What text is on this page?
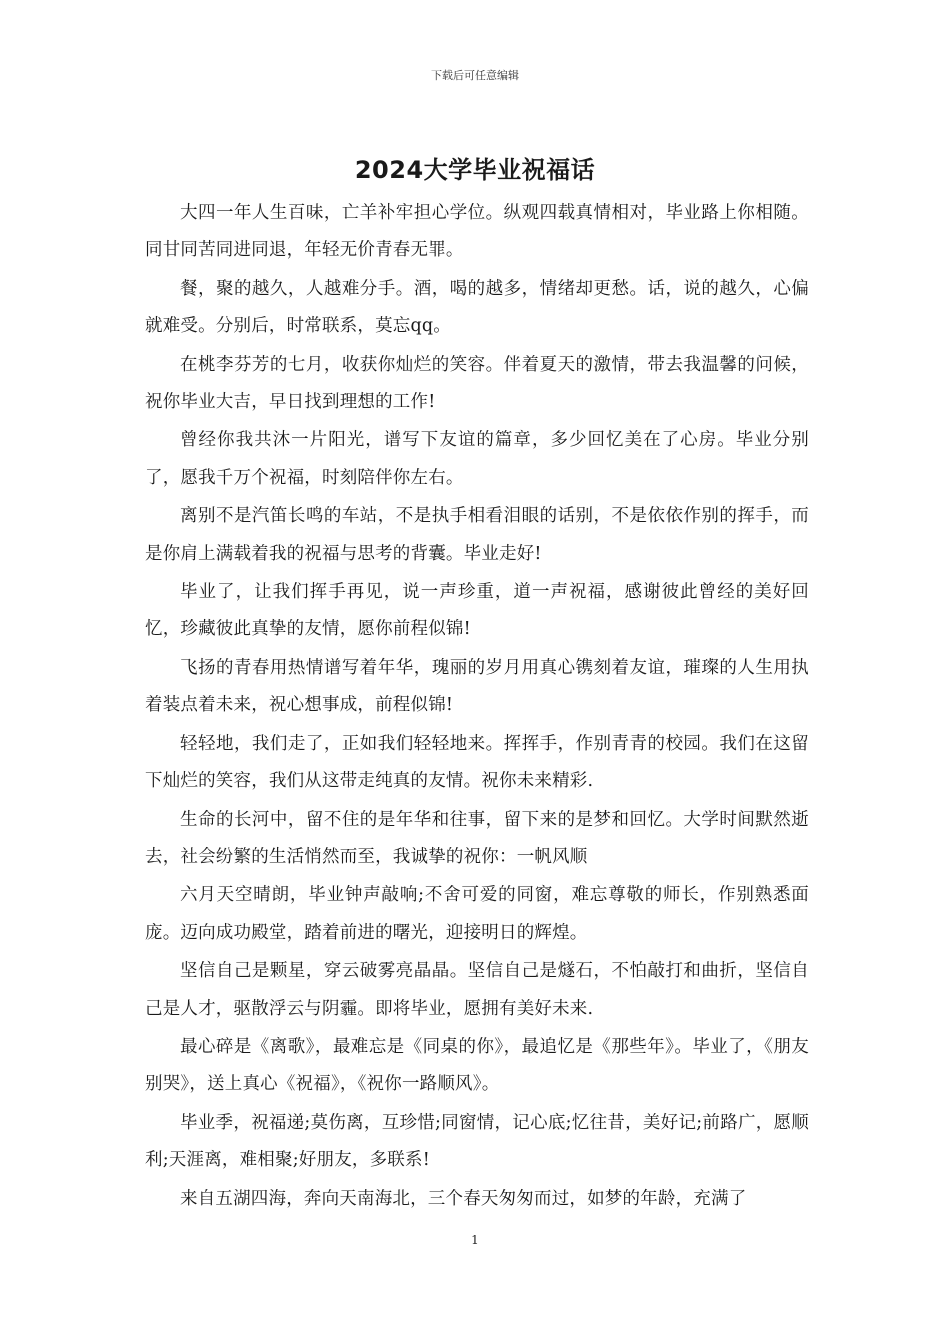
下载后可任意编辑
2024大学毕业祝福话

大四一年人生百味，亡羊补牢担心学位。纵观四载真情相对，毕业路上你相随。同甘同苦同进同退，年轻无价青春无罪。

餐，聚的越久，人越难分手。酒，喝的越多，情绪却更愁。话，说的越久，心偏就难受。分别后，时常联系，莫忘qq。

在桃李芬芳的七月，收获你灿烂的笑容。伴着夏天的激情，带去我温馨的问候，祝你毕业大吉，早日找到理想的工作!

曾经你我共沐一片阳光，谱写下友谊的篇章，多少回忆美在了心房。毕业分别了，愿我千万个祝福，时刻陪伴你左右。

离别不是汽笛长鸣的车站，不是执手相看泪眼的话别，不是依依作别的挥手，而是你肩上满载着我的祝福与思考的背囊。毕业走好!

毕业了，让我们挥手再见，说一声珍重，道一声祝福，感谢彼此曾经的美好回忆，珍藏彼此真挚的友情，愿你前程似锦!

飞扬的青春用热情谱写着年华，瑰丽的岁月用真心镌刻着友谊，璀璨的人生用执着装点着未来，祝心想事成，前程似锦!

轻轻地，我们走了，正如我们轻轻地来。挥挥手，作别青青的校园。我们在这留下灿烂的笑容，我们从这带走纯真的友情。祝你未来精彩.

生命的长河中，留不住的是年华和往事，留下来的是梦和回忆。大学时间默然逝去，社会纷繁的生活悄然而至，我诚挚的祝你：一帆风顺

六月天空晴朗，毕业钟声敲响;不舍可爱的同窗，难忘尊敬的师长，作别熟悉面庞。迈向成功殿堂，踏着前进的曙光，迎接明日的辉煌。

坚信自己是颗星，穿云破雾亮晶晶。坚信自己是燧石，不怕敲打和曲折，坚信自己是人才，驱散浮云与阴霾。即将毕业，愿拥有美好未来.

最心碎是《离歌》，最难忘是《同桌的你》，最追忆是《那些年》。毕业了，《朋友别哭》，送上真心《祝福》，《祝你一路顺风》。

毕业季，祝福递;莫伤离，互珍惜;同窗情，记心底;忆往昔，美好记;前路广，愿顺利;天涯离，难相聚;好朋友，多联系!

来自五湖四海，奔向天南海北，三个春天匆匆而过，如梦的年龄，充满了

1
